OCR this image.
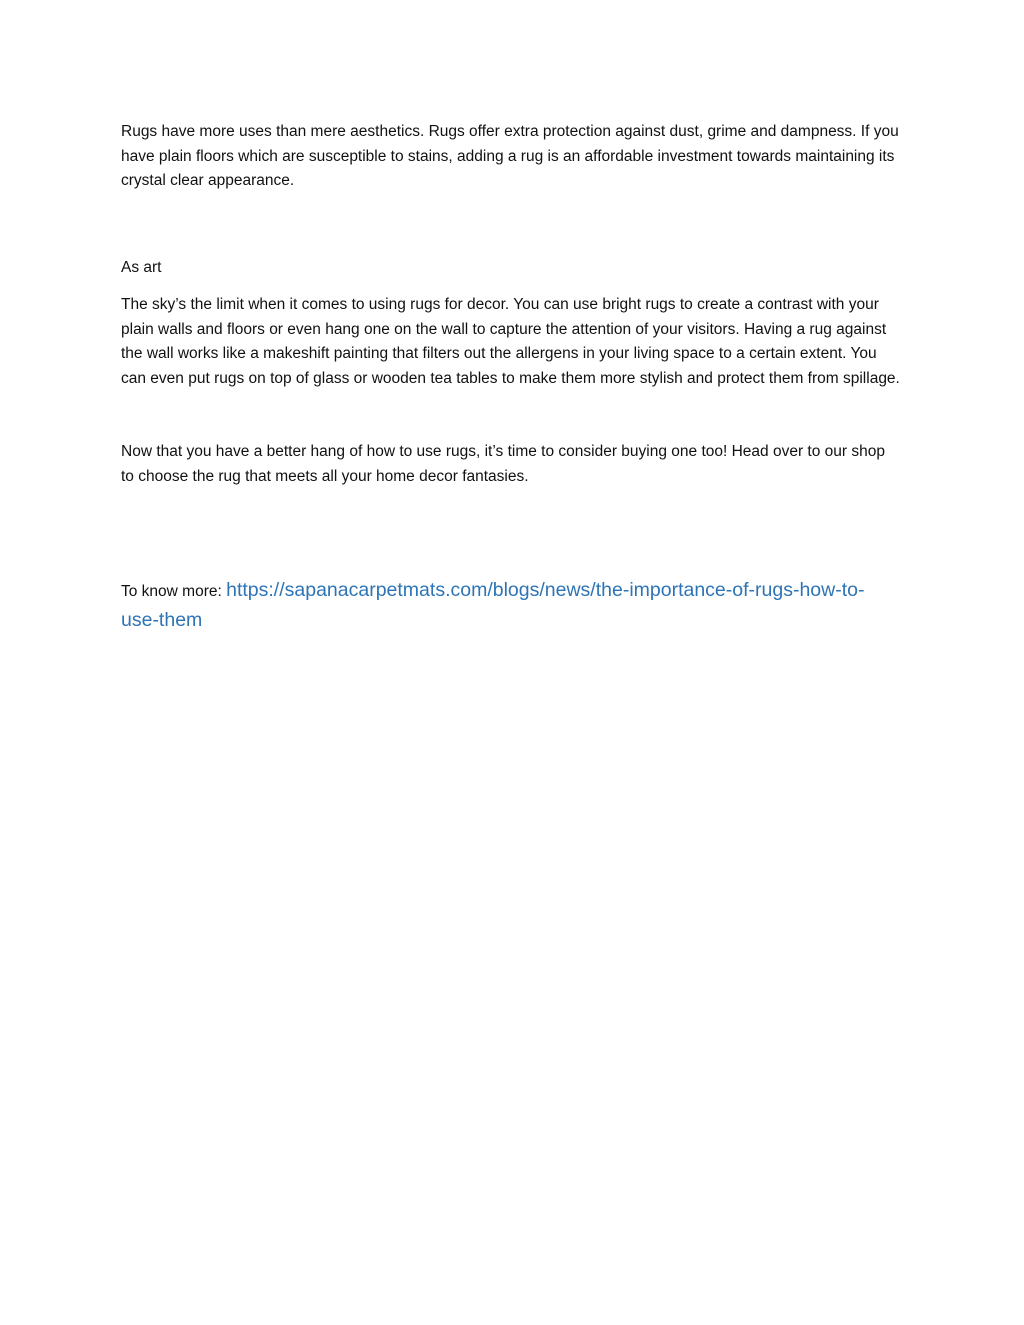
Rugs have more uses than mere aesthetics. Rugs offer extra protection against dust, grime and dampness. If you have plain floors which are susceptible to stains, adding a rug is an affordable investment towards maintaining its crystal clear appearance.

As art

The sky’s the limit when it comes to using rugs for decor. You can use bright rugs to create a contrast with your plain walls and floors or even hang one on the wall to capture the attention of your visitors. Having a rug against the wall works like a makeshift painting that filters out the allergens in your living space to a certain extent. You can even put rugs on top of glass or wooden tea tables to make them more stylish and protect them from spillage.

Now that you have a better hang of how to use rugs, it’s time to consider buying one too! Head over to our shop to choose the rug that meets all your home decor fantasies.

To know more: https://sapanacarpetmats.com/blogs/news/the-importance-of-rugs-how-to-use-them
